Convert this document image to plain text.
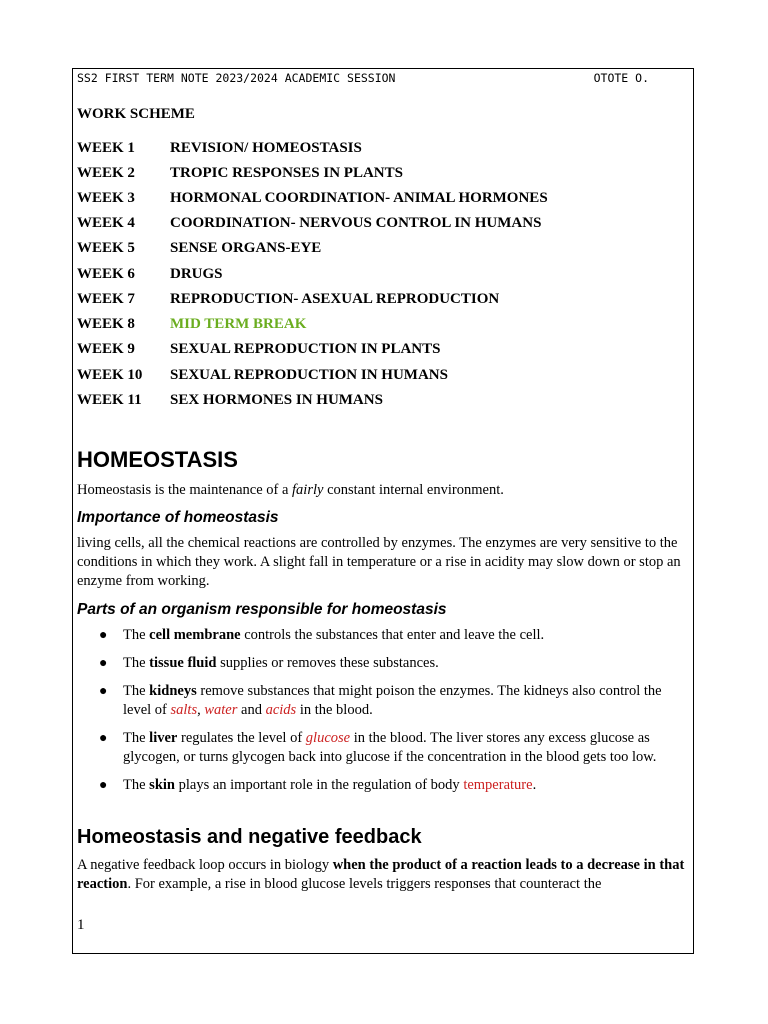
SS2 FIRST TERM NOTE 2023/2024 ACADEMIC SESSION	OTOTE O.
WORK SCHEME
WEEK 1 REVISION/ HOMEOSTASIS
WEEK 2 TROPIC RESPONSES IN PLANTS
WEEK 3 HORMONAL COORDINATION- ANIMAL HORMONES
WEEK 4 COORDINATION- NERVOUS CONTROL IN HUMANS
WEEK 5 SENSE ORGANS-EYE
WEEK 6 DRUGS
WEEK 7 REPRODUCTION- ASEXUAL REPRODUCTION
WEEK 8 MID TERM BREAK
WEEK 9 SEXUAL REPRODUCTION IN PLANTS
WEEK 10 SEXUAL REPRODUCTION IN HUMANS
WEEK 11 SEX HORMONES IN HUMANS
HOMEOSTASIS
Homeostasis is the maintenance of a fairly constant internal environment.
Importance of homeostasis
living cells, all the chemical reactions are controlled by enzymes. The enzymes are very sensitive to the conditions in which they work. A slight fall in temperature or a rise in acidity may slow down or stop an enzyme from working.
Parts of an organism responsible for homeostasis
● The cell membrane controls the substances that enter and leave the cell.
● The tissue fluid supplies or removes these substances.
● The kidneys remove substances that might poison the enzymes. The kidneys also control the level of salts, water and acids in the blood.
● The liver regulates the level of glucose in the blood. The liver stores any excess glucose as glycogen, or turns glycogen back into glucose if the concentration in the blood gets too low.
● The skin plays an important role in the regulation of body temperature.
Homeostasis and negative feedback
A negative feedback loop occurs in biology when the product of a reaction leads to a decrease in that reaction. For example, a rise in blood glucose levels triggers responses that counteract the
1
